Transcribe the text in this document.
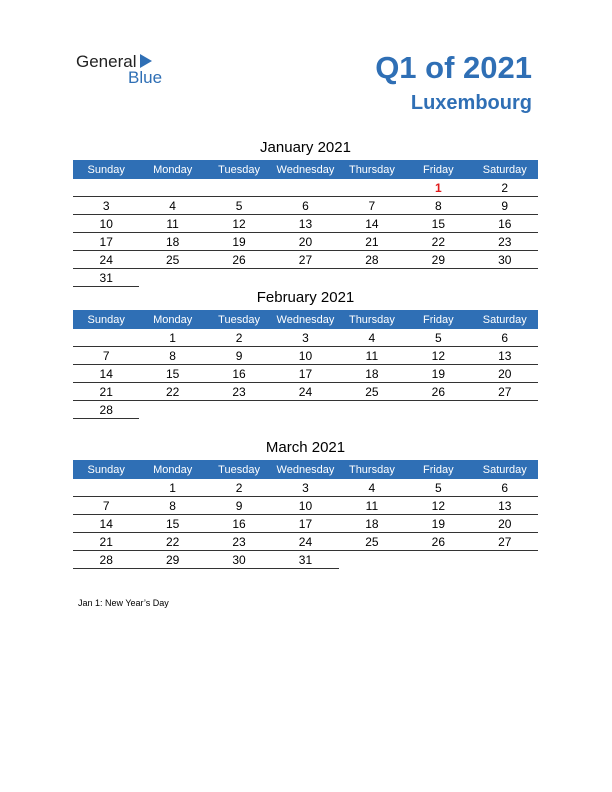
General
Blue	Q1 of 2021
Luxembourg
January 2021
Sunday	Monday	Tuesday	Wednesday	Thursday	Friday	Saturday
					1	2
3	4	5	6	7	8	9
10	11	12	13	14	15	16
17	18	19	20	21	22	23
24	25	26	27	28	29	30
31						
February 2021
Sunday	Monday	Tuesday	Wednesday	Thursday	Friday	Saturday
	1	2	3	4	5	6
7	8	9	10	11	12	13
14	15	16	17	18	19	20
21	22	23	24	25	26	27
28						
March 2021
Sunday	Monday	Tuesday	Wednesday	Thursday	Friday	Saturday
	1	2	3	4	5	6
7	8	9	10	11	12	13
14	15	16	17	18	19	20
21	22	23	24	25	26	27
28	29	30	31			
Jan 1: New Year’s Day
